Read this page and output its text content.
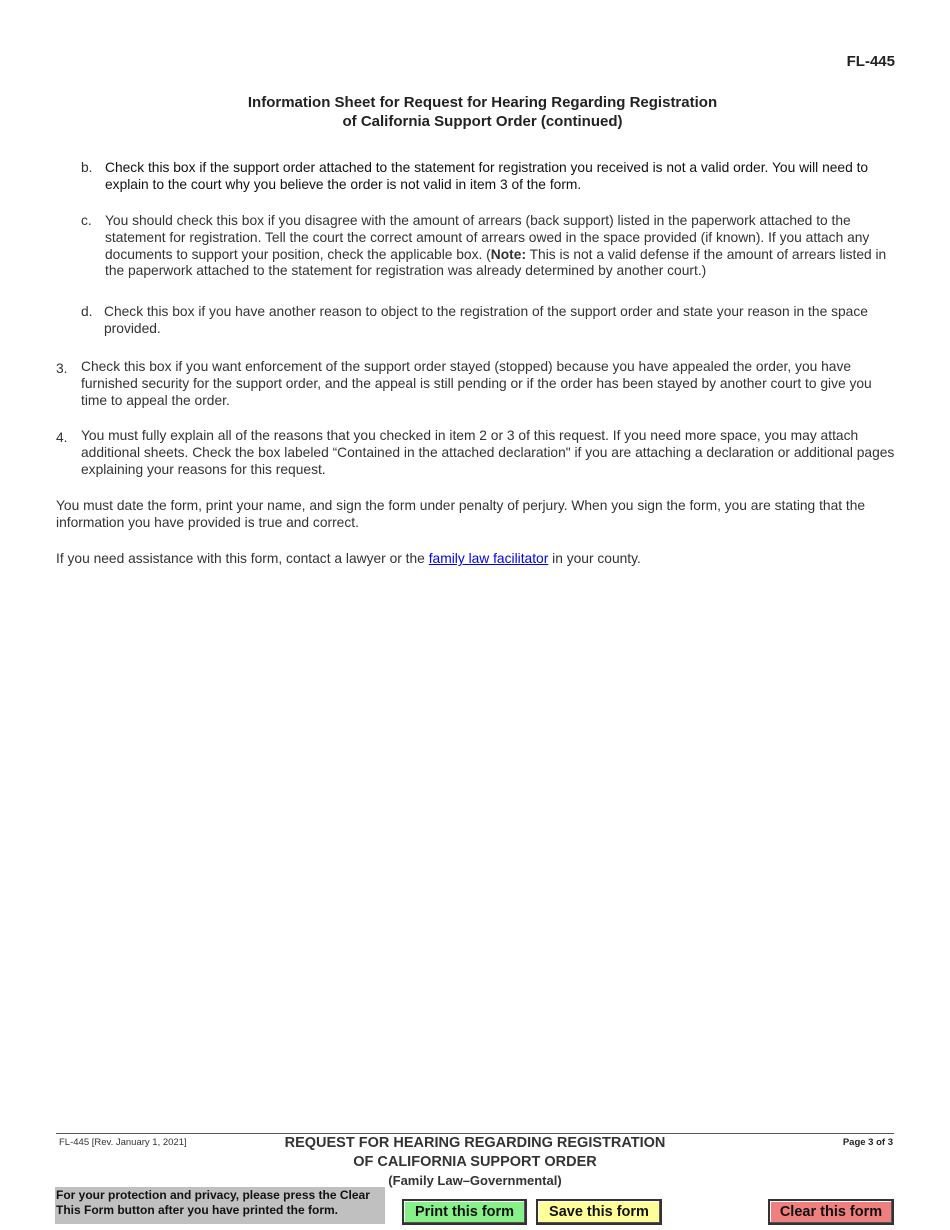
FL-445
Information Sheet for Request for Hearing Regarding Registration
of California Support Order (continued)
b. Check this box if the support order attached to the statement for registration you received is not a valid order. You will need to explain to the court why you believe the order is not valid in item 3 of the form.
c. You should check this box if you disagree with the amount of arrears (back support) listed in the paperwork attached to the statement for registration. Tell the court the correct amount of arrears owed in the space provided (if known). If you attach any documents to support your position, check the applicable box. (Note: This is not a valid defense if the amount of arrears listed in the paperwork attached to the statement for registration was already determined by another court.)
d. Check this box if you have another reason to object to the registration of the support order and state your reason in the space provided.
3. Check this box if you want enforcement of the support order stayed (stopped) because you have appealed the order, you have furnished security for the support order, and the appeal is still pending or if the order has been stayed by another court to give you time to appeal the order.
4. You must fully explain all of the reasons that you checked in item 2 or 3 of this request. If you need more space, you may attach additional sheets. Check the box labeled “Contained in the attached declaration" if you are attaching a declaration or additional pages explaining your reasons for this request.
You must date the form, print your name, and sign the form under penalty of perjury. When you sign the form, you are stating that the information you have provided is true and correct.
If you need assistance with this form, contact a lawyer or the family law facilitator in your county.
FL-445 [Rev. January 1, 2021]	Page 3 of 3
REQUEST FOR HEARING REGARDING REGISTRATION
OF CALIFORNIA SUPPORT ORDER
(Family Law–Governmental)
For your protection and privacy, please press the Clear This Form button after you have printed the form.	Print this form	Save this form	Clear this form
